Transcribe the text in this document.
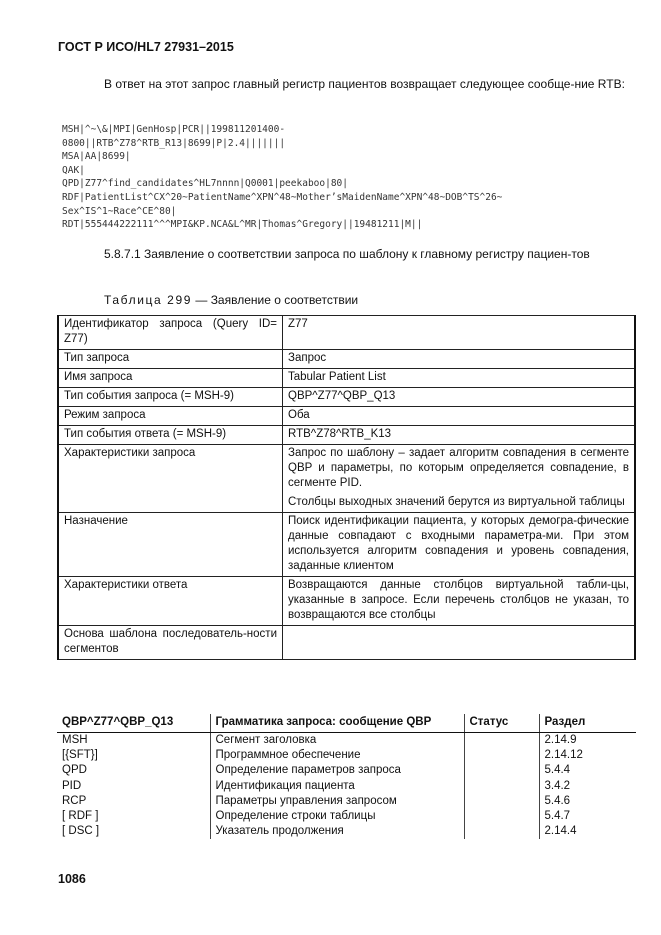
ГОСТ Р ИСО/HL7 27931–2015
В ответ на этот запрос главный регистр пациентов возвращает следующее сообще-ние RTB:
MSH|^~\&|MPI|GenHosp|PCR||199811201400-
0800||RTB^Z78^RTB_R13|8699|P|2.4|||||||
MSA|AA|8699|
QAK|
QPD|Z77^find_candidates^HL7nnnn|Q0001|peekaboo|80|
RDF|PatientList^CX^20~PatientName^XPN^48~Mother’sMaidenName^XPN^48~DOB^TS^26~
Sex^IS^1~Race^CE^80|
RDT|555444222111^^^MPI&KP.NCA&L^MR|Thomas^Gregory||19481211|M||
5.8.7.1 Заявление о соответствии запроса по шаблону к главному регистру пациен-тов
Таблица 299 — Заявление о соответствии
Идентификатор запроса (Query ID= Z77)	Z77

Тип запроса	Запрос

Имя запроса	Tabular Patient List

Тип события запроса (= MSH-9)	QBP^Z77^QBP_Q13

Режим запроса	Оба

Тип события ответа (= MSH-9)	RTB^Z78^RTB_K13

Характеристики запроса	Запрос по шаблону – задает алгоритм совпадения в сегменте QBP и параметры, по которым определяется совпадение, в сегменте PID.
Столбцы выходных значений берутся из виртуальной таблицы

Назначение	Поиск идентификации пациента, у которых демогра-фические данные совпадают с входными параметра-ми. При этом используется алгоритм совпадения и уровень совпадения, заданные клиентом

Характеристики ответа	Возвращаются данные столбцов виртуальной табли-цы, указанные в запросе. Если перечень столбцов не указан, то возвращаются все столбцы

Основа шаблона последователь-ности сегментов	
QBP^Z77^QBP_Q13	Грамматика запроса: сообщение QBP	Статус	Раздел
MSH	Сегмент заголовка		2.14.9
[{SFT}]	Программное обеспечение		2.14.12
QPD	Определение параметров запроса		5.4.4
PID	Идентификация пациента		3.4.2
RCP	Параметры управления запросом		5.4.6
[ RDF ]	Определение строки таблицы		5.4.7
[ DSC ]	Указатель продолжения		2.14.4
1086
